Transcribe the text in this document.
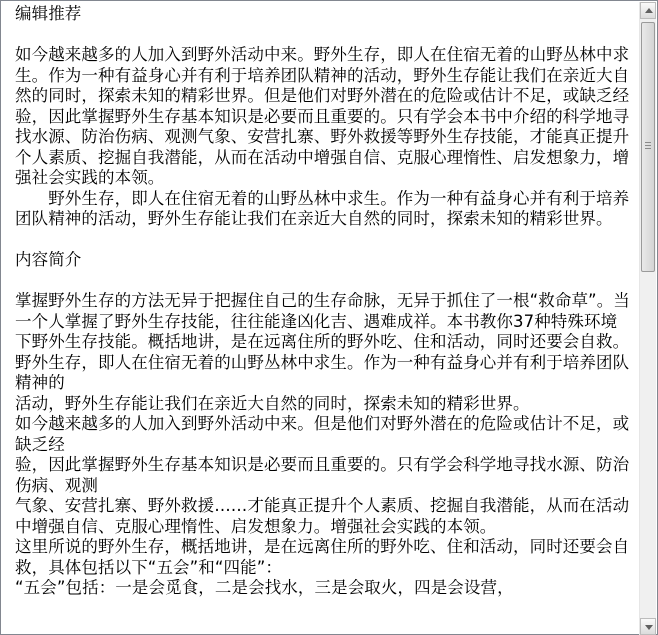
编辑推荐

如今越来越多的人加入到野外活动中来。野外生存，即人在住宿无着的山野丛林中求生。作为一种有益身心并有利于培养团队精神的活动，野外生存能让我们在亲近大自然的同时，探索未知的精彩世界。但是他们对野外潜在的危险或估计不足，或缺乏经验，因此掌握野外生存基本知识是必要而且重要的。只有学会本书中介绍的科学地寻找水源、防治伤病、观测气象、安营扎寨、野外救援等野外生存技能，才能真正提升个人素质、挖掘自我潜能，从而在活动中增强自信、克服心理惰性、启发想象力，增强社会实践的本领。

　　野外生存，即人在住宿无着的山野丛林中求生。作为一种有益身心并有利于培养团队精神的活动，野外生存能让我们在亲近大自然的同时，探索未知的精彩世界。

内容简介

掌握野外生存的方法无异于把握住自己的生存命脉，无异于抓住了一根“救命草”。当一个人掌握了野外生存技能，往往能逢凶化吉、遇难成祥。本书教你37种特殊环境下野外生存技能。概括地讲，是在远离住所的野外吃、住和活动，同时还要会自救。

野外生存，即人在住宿无着的山野丛林中求生。作为一种有益身心并有利于培养团队精神的

活动，野外生存能让我们在亲近大自然的同时，探索未知的精彩世界。

如今越来越多的人加入到野外活动中来。但是他们对野外潜在的危险或估计不足，或缺乏经

验，因此掌握野外生存基本知识是必要而且重要的。只有学会科学地寻找水源、防治伤病、观测

气象、安营扎寨、野外救援……才能真正提升个人素质、挖掘自我潜能，从而在活动中增强自信、克服心理惰性、启发想象力。增强社会实践的本领。

这里所说的野外生存，概括地讲，是在远离住所的野外吃、住和活动，同时还要会自救，具体包括以下“五会”和“四能”：

“五会”包括：一是会觅食，二是会找水，三是会取火，四是会设营，
